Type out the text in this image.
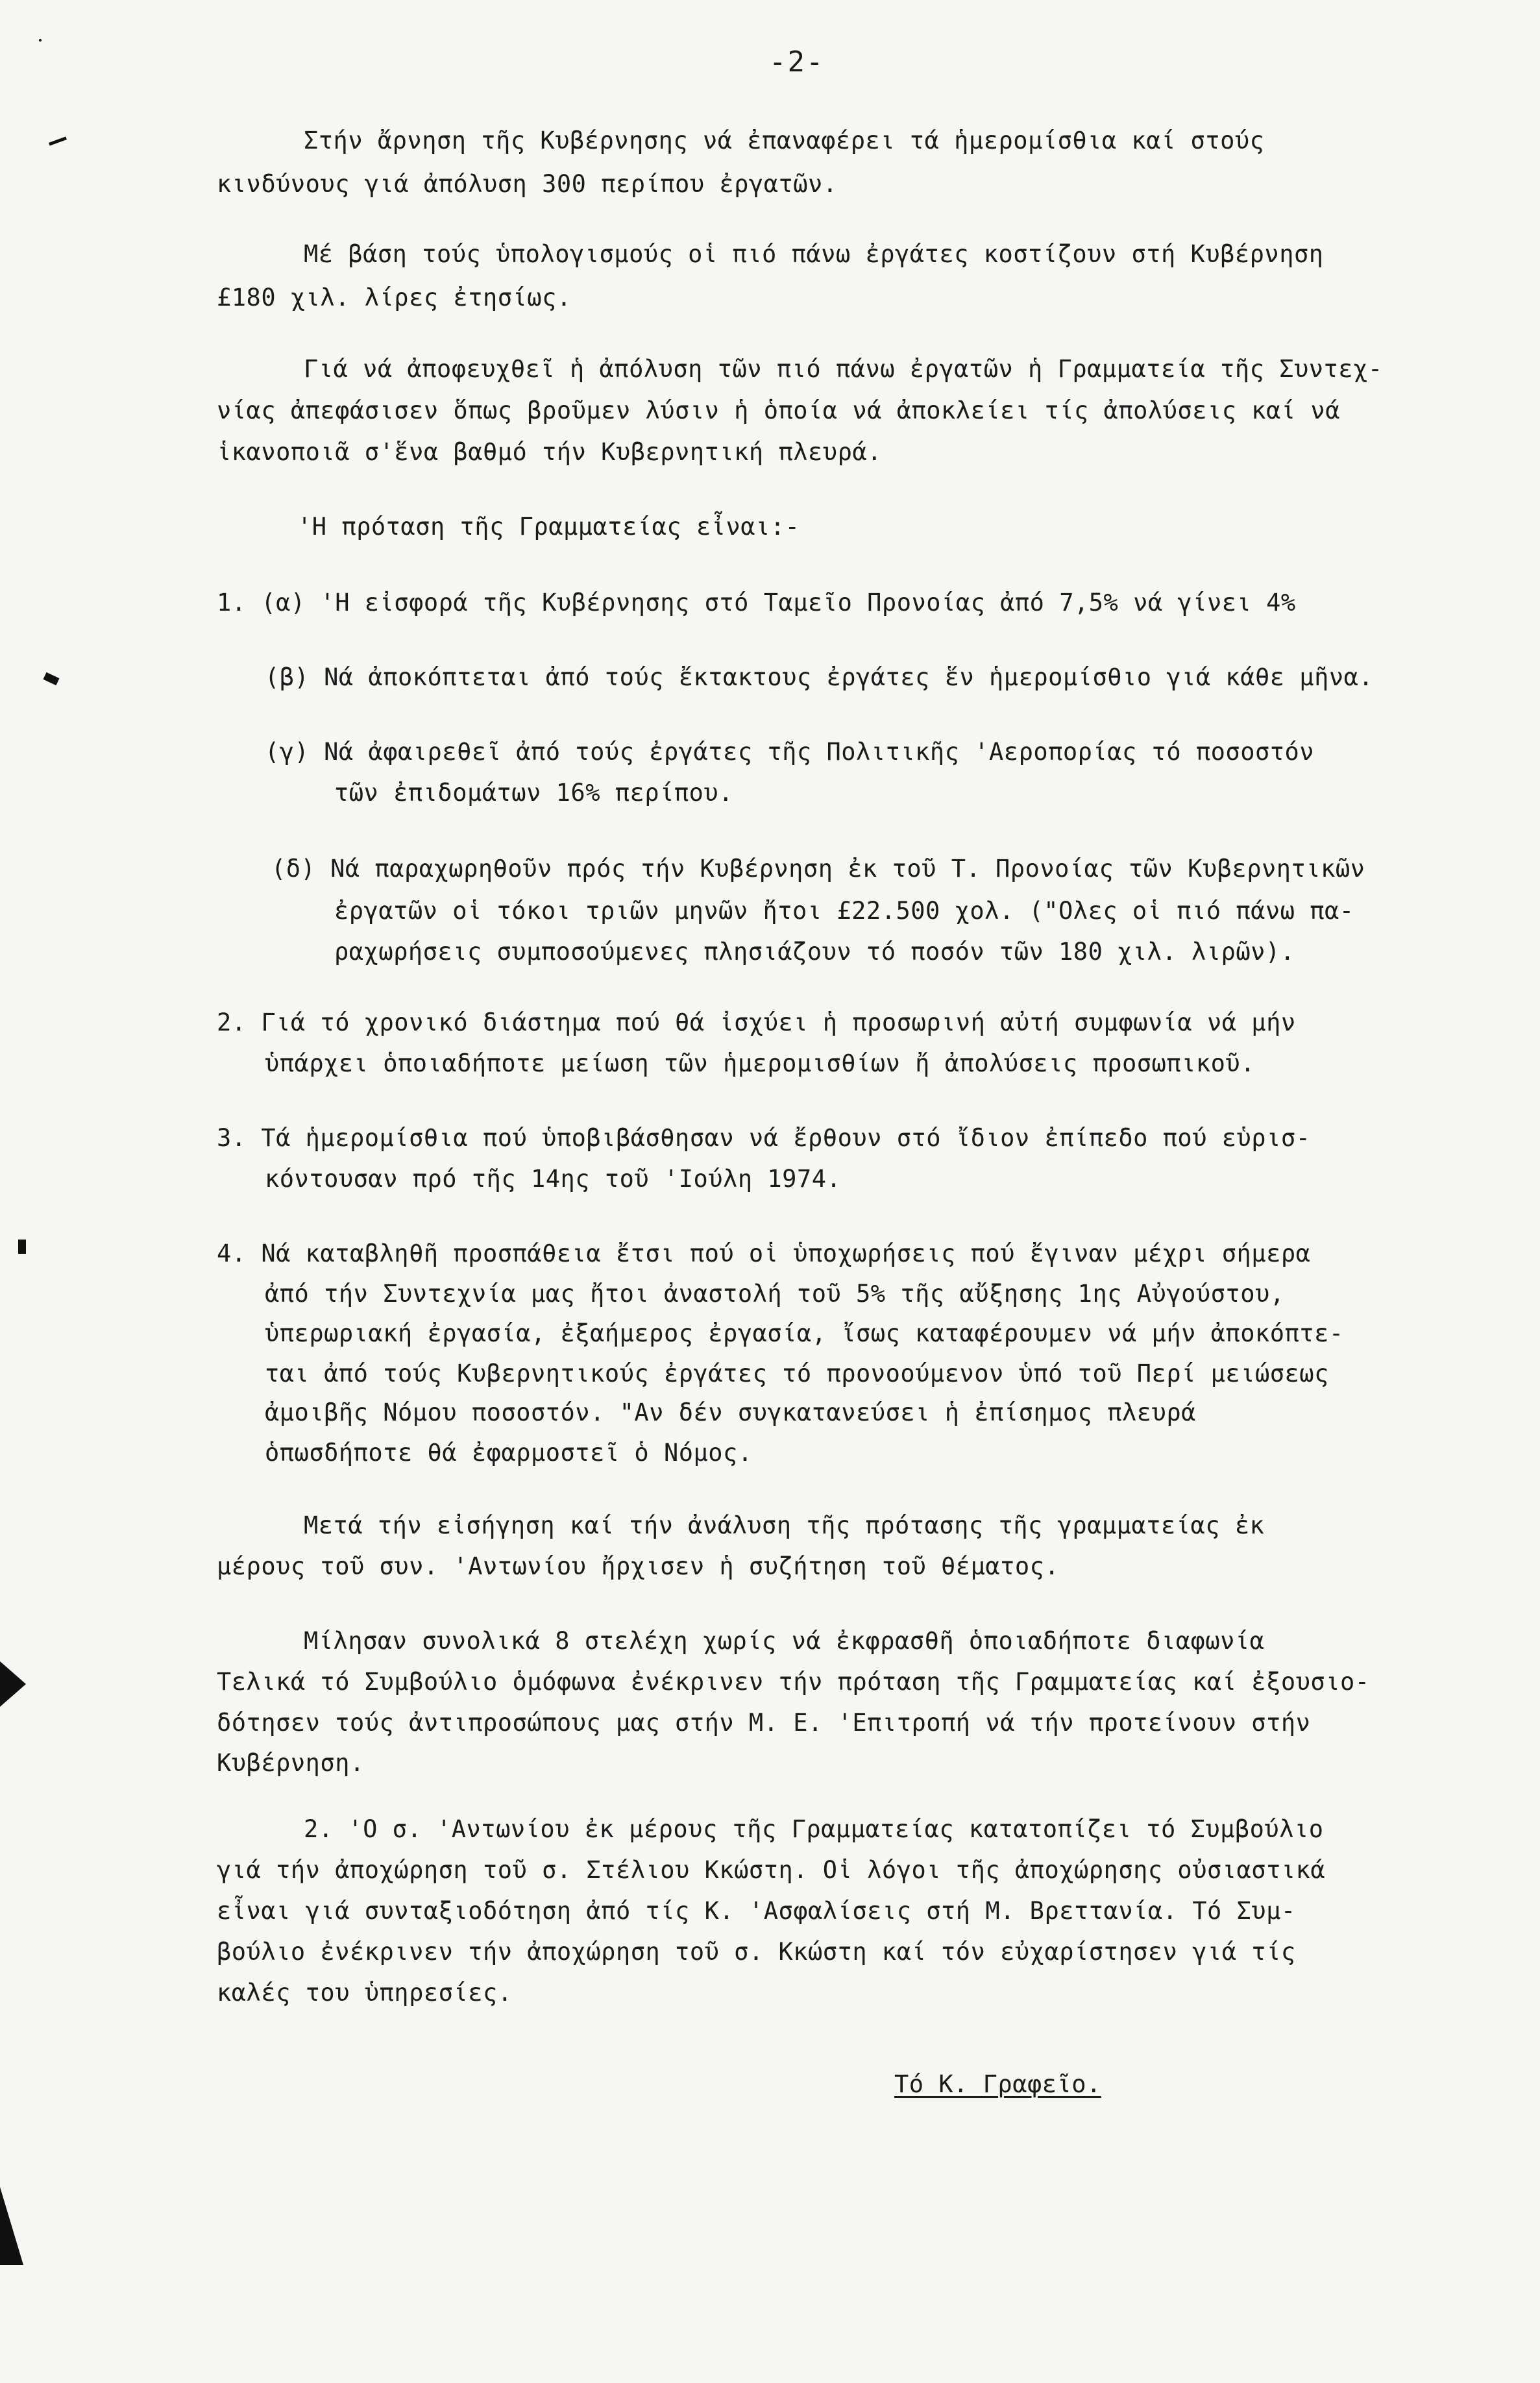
-2-
Στήν ἄρνηση τῆς Κυβέρνησης νά ἐπαναφέρει τά ἡμερομίσθια καί στούς
κινδύνους γιά ἀπόλυση 300 περίπου ἐργατῶν.
Μέ βάση τούς ὑπολογισμούς οἱ πιό πάνω ἐργάτες κοστίζουν στή Κυβέρνηση
£180 χιλ. λίρες ἐτησίως.
Γιά νά ἀποφευχθεῖ ἡ ἀπόλυση τῶν πιό πάνω ἐργατῶν ἡ Γραμματεία τῆς Συντεχ-
νίας ἀπεφάσισεν ὅπως βροῦμεν λύσιν ἡ ὁποία νά ἀποκλείει τίς ἀπολύσεις καί νά
ἱκανοποιᾶ σ'ἕνα βαθμό τήν Κυβερνητική πλευρά.
'Η πρόταση τῆς Γραμματείας εἶναι:-
1. (α) 'Η εἰσφορά τῆς Κυβέρνησης στό Ταμεῖο Προνοίας ἀπό 7,5% νά γίνει 4%
(β) Νά ἀποκόπτεται ἀπό τούς ἔκτακτους ἐργάτες ἕν ἡμερομίσθιο γιά κάθε μῆνα.
(γ) Νά ἀφαιρεθεῖ ἀπό τούς ἐργάτες τῆς Πολιτικῆς 'Αεροπορίας τό ποσοστόν
τῶν ἐπιδομάτων 16% περίπου.
(δ) Νά παραχωρηθοῦν πρός τήν Κυβέρνηση ἐκ τοῦ Τ. Προνοίας τῶν Κυβερνητικῶν
ἐργατῶν οἱ τόκοι τριῶν μηνῶν ἤτοι £22.500 χολ. ("Ολες οἱ πιό πάνω πα-
ραχωρήσεις συμποσούμενες πλησιάζουν τό ποσόν τῶν 180 χιλ. λιρῶν).
2. Γιά τό χρονικό διάστημα πού θά ἰσχύει ἡ προσωρινή αὐτή συμφωνία νά μήν
ὑπάρχει ὁποιαδήποτε μείωση τῶν ἡμερομισθίων ἤ ἀπολύσεις προσωπικοῦ.
3. Τά ἡμερομίσθια πού ὑποβιβάσθησαν νά ἔρθουν στό ἴδιον ἐπίπεδο πού εὑρισ-
κόντουσαν πρό τῆς 14ης τοῦ 'Ιούλη 1974.
4. Νά καταβληθῆ προσπάθεια ἔτσι πού οἱ ὑποχωρήσεις πού ἔγιναν μέχρι σήμερα
ἀπό τήν Συντεχνία μας ἤτοι ἀναστολή τοῦ 5% τῆς αὔξησης 1ης Αὐγούστου,
ὑπερωριακή ἐργασία, ἐξαήμερος ἐργασία, ἴσως καταφέρουμεν νά μήν ἀποκόπτε-
ται ἀπό τούς Κυβερνητικούς ἐργάτες τό προνοούμενον ὑπό τοῦ Περί μειώσεως
ἀμοιβῆς Νόμου ποσοστόν. "Αν δέν συγκατανεύσει ἡ ἐπίσημος πλευρά
ὁπωσδήποτε θά ἐφαρμοστεῖ ὁ Νόμος.
Μετά τήν εἰσήγηση καί τήν ἀνάλυση τῆς πρότασης τῆς γραμματείας ἐκ
μέρους τοῦ συν. 'Αντωνίου ἤρχισεν ἡ συζήτηση τοῦ θέματος.
Μίλησαν συνολικά 8 στελέχη χωρίς νά ἐκφρασθῆ ὁποιαδήποτε διαφωνία
Τελικά τό Συμβούλιο ὁμόφωνα ἐνέκρινεν τήν πρόταση τῆς Γραμματείας καί ἐξουσιο-
δότησεν τούς ἀντιπροσώπους μας στήν Μ. Ε. 'Επιτροπή νά τήν προτείνουν στήν
Κυβέρνηση.
2. 'Ο σ. 'Αντωνίου ἐκ μέρους τῆς Γραμματείας κατατοπίζει τό Συμβούλιο
γιά τήν ἀποχώρηση τοῦ σ. Στέλιου Κκώστη. Οἱ λόγοι τῆς ἀποχώρησης οὐσιαστικά
εἶναι γιά συνταξιοδότηση ἀπό τίς Κ. 'Ασφαλίσεις στή Μ. Βρεττανία. Τό Συμ-
βούλιο ἐνέκρινεν τήν ἀποχώρηση τοῦ σ. Κκώστη καί τόν εὐχαρίστησεν γιά τίς
καλές του ὑπηρεσίες.
Τό Κ. Γραφεῖο.
